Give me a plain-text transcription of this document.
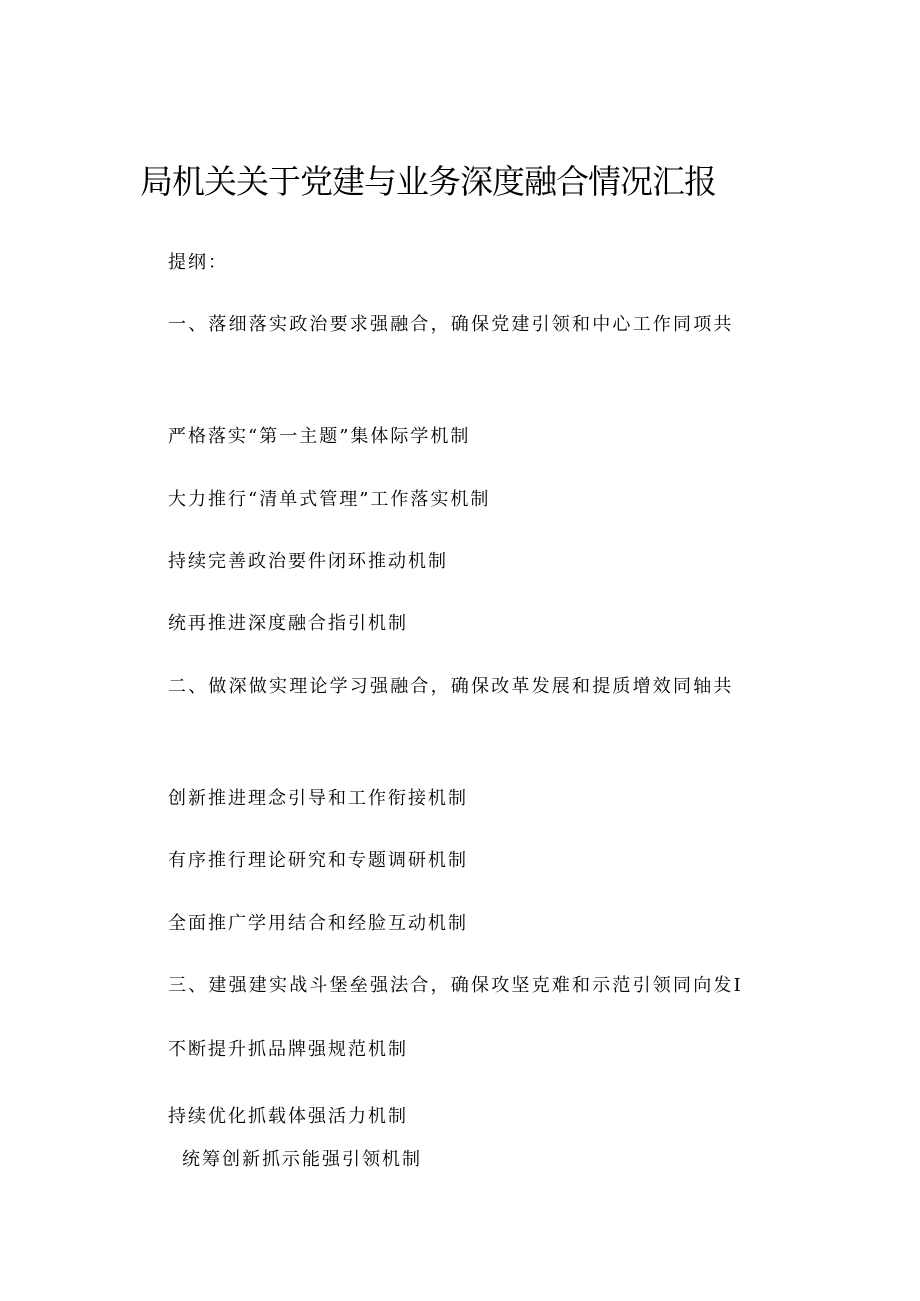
局机关关于党建与业务深度融合情况汇报
提纲：
一、落细落实政治要求强融合，确保党建引领和中心工作同项共
严格落实“第一主题”集体际学机制
大力推行“清单式管理”工作落实机制
持续完善政治要件闭环推动机制
统再推进深度融合指引机制
二、做深做实理论学习强融合，确保改革发展和提质增效同轴共
创新推进理念引导和工作衔接机制
有序推行理论研究和专题调研机制
全面推广学用结合和经脸互动机制
三、建强建实战斗堡垒强法合，确保攻坚克难和示范引领同向发I
不断提升抓品牌强规范机制
持续优化抓载体强活力机制
统筹创新抓示能强引领机制
